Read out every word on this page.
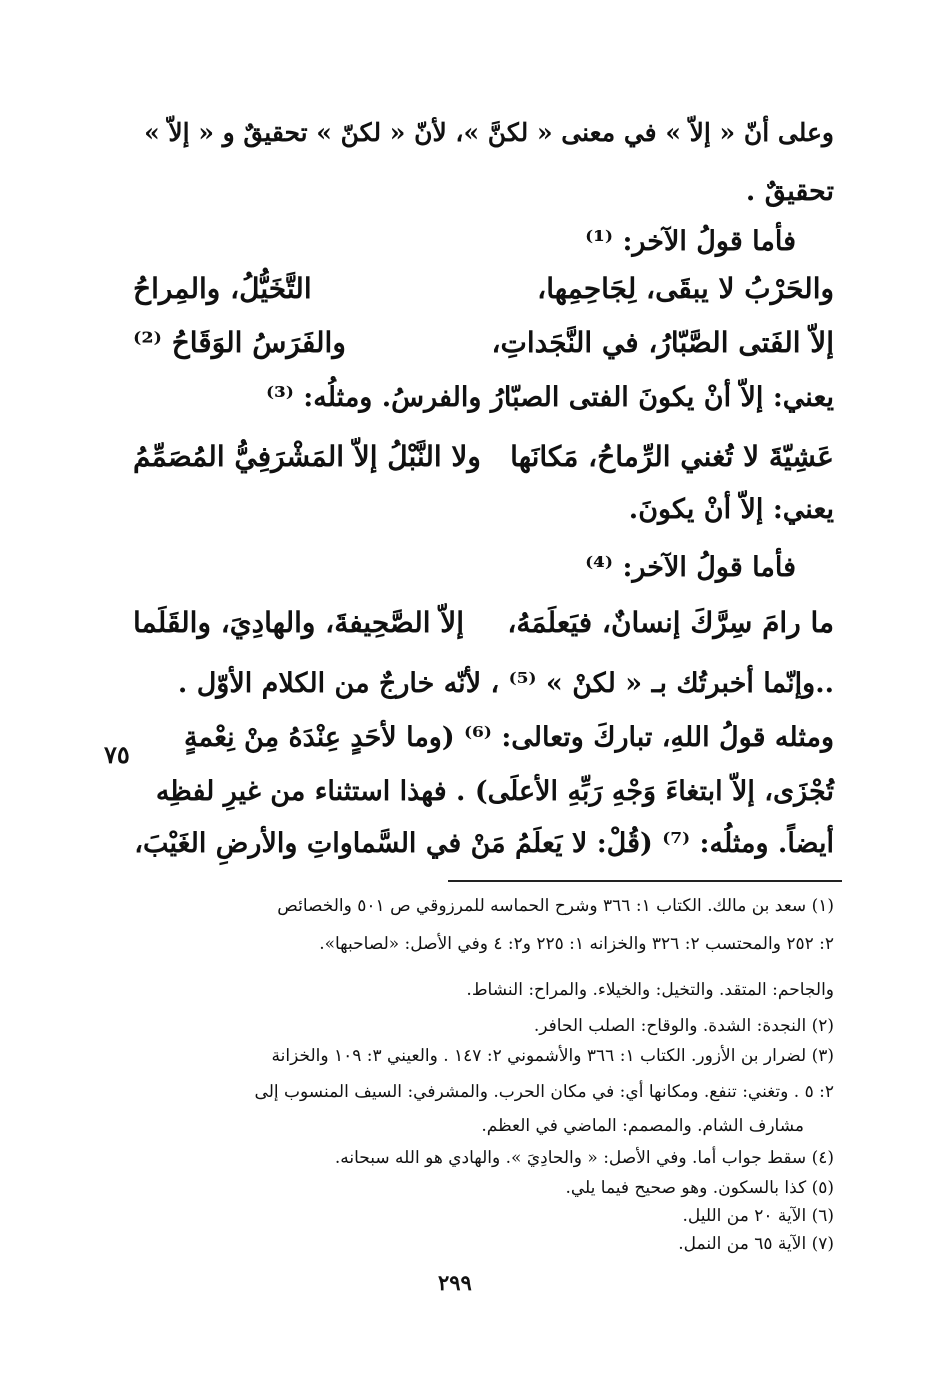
وعلى أنّ « إلاّ » في معنى « لكنَّ »، لأنّ « لكنّ » تحقيقٌ و « إلاّ »
تحقيقٌ .
فأما قولُ الآخر: ⁽¹⁾
والحَرْبُ لا يبقَى، لِجَاحِمِها،
التَّخَيُّلُ، والمِراحُ
إلاّ الفَتى الصَّبّارُ، في النَّجَداتِ،
والفَرَسُ الوَقَاحُ ⁽²⁾
يعني: إلاّ أنْ يكونَ الفتى الصبّارُ والفرسُ. ومثلُه: ⁽³⁾
عَشِيّةَ لا تُغني الرِّماحُ، مَكانَها
ولا النَّبْلُ إلاّ المَشْرَفِيُّ المُصَمِّمُ
يعني: إلاّ أنْ يكونَ.
فأما قولُ الآخر: ⁽⁴⁾
ما رامَ سِرَّكَ إنسانٌ، فيَعلَمَهُ،
إلاّ الصَّحِيفةَ، والهادِيَ، والقَلَما
..وإنّما أخبرتُك بـ « لكنْ » ⁽⁵⁾ ، لأنّه خارجٌ من الكلام الأوّل .
ومثله قولُ اللهِ، تباركَ وتعالى: ⁽⁶⁾ (وما لأحَدٍ عِنْدَهُ مِنْ نِعْمةٍ
٧٥
تُجْزَى، إلاّ ابتغاءَ وَجْهِ رَبِّهِ الأعلَى) . فهذا استثناء من غيرِ لفظِه
أيضاً. ومثلُه: ⁽⁷⁾ (قُلْ: لا يَعلَمُ مَنْ في السَّماواتِ والأرضِ الغَيْبَ،
(١) سعد بن مالك. الكتاب ١: ٣٦٦ وشرح الحماسه للمرزوقي ص ٥٠١ والخصائص
٢: ٢٥٢ والمحتسب ٢: ٣٢٦ والخزانه ١: ٢٢٥ و٢: ٤ وفي الأصل: «لصاحبها».
والجاحم: المتقد. والتخيل: والخيلاء. والمراح: النشاط.
(٢) النجدة: الشدة. والوقاح: الصلب الحافر.
(٣) لضرار بن الأزور. الكتاب ١: ٣٦٦ والأشموني ٢: ١٤٧ . والعيني ٣: ١٠٩ والخزانة
٢: ٥ . وتغني: تنفع. ومكانها أي: في مكان الحرب. والمشرفي: السيف المنسوب إلى
مشارف الشام. والمصمم: الماضي في العظم.
(٤) سقط جواب أما. وفي الأصل: « والحادِيَ ». والهادي هو الله سبحانه.
(٥) كذا بالسكون. وهو صحيح فيما يلي.
(٦) الآية ٢٠ من الليل.
(٧) الآية ٦٥ من النمل.
٢٩٩
